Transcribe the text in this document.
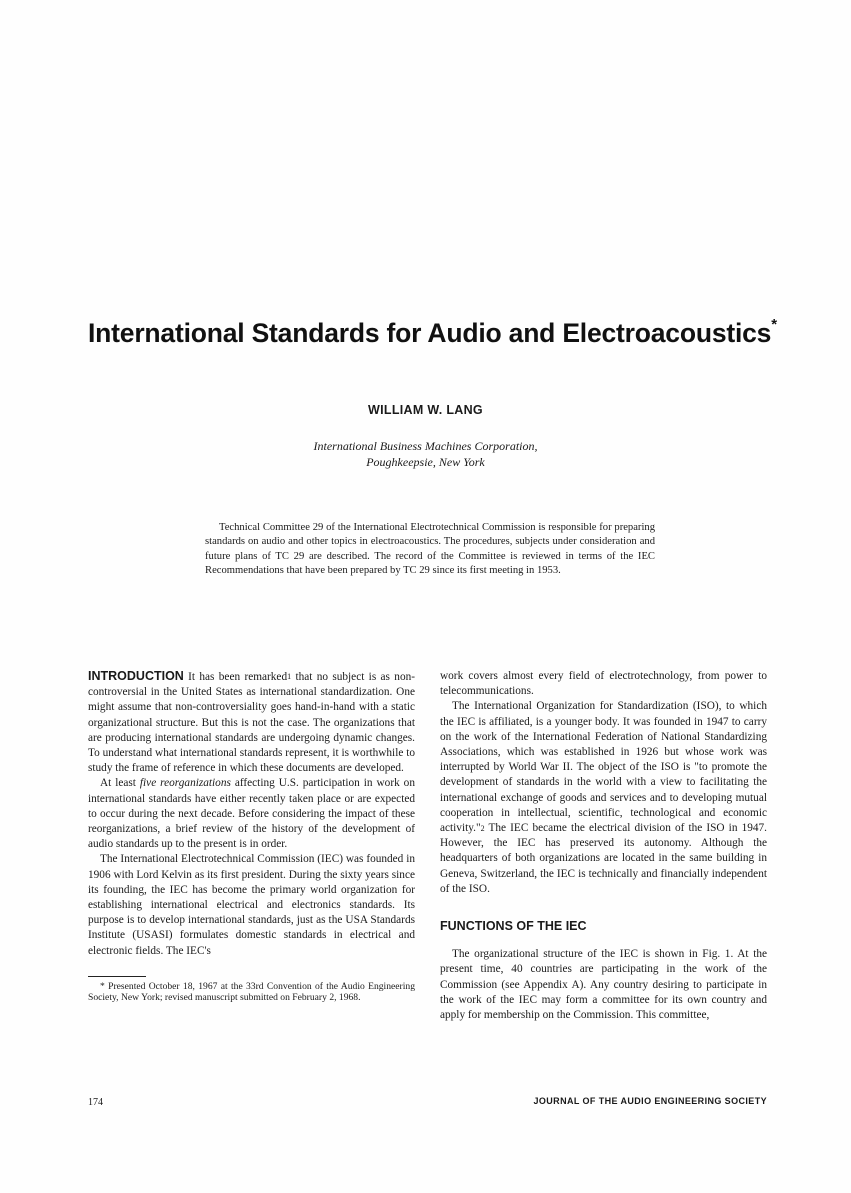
International Standards for Audio and Electroacoustics*
WILLIAM W. LANG
International Business Machines Corporation,
Poughkeepsie, New York

Technical Committee 29 of the International Electrotechnical Commission is responsible for preparing standards on audio and other topics in electroacoustics. The procedures, subjects under consideration and future plans of TC 29 are described. The record of the Committee is reviewed in terms of the IEC Recommendations that have been prepared by TC 29 since its first meeting in 1953.

INTRODUCTION It has been remarked$^1$ that no subject is as non-controversial in the United States as international standardization. One might assume that non-controversiality goes hand-in-hand with a static organizational structure. But this is not the case. The organizations that are producing international standards are undergoing dynamic changes. To understand what international standards represent, it is worthwhile to study the frame of reference in which these documents are developed.

At least five reorganizations affecting U.S. participation in work on international standards have either recently taken place or are expected to occur during the next decade. Before considering the impact of these reorganizations, a brief review of the history of the development of audio standards up to the present is in order.

The International Electrotechnical Commission (IEC) was founded in 1906 with Lord Kelvin as its first president. During the sixty years since its founding, the IEC has become the primary world organization for establishing international electrical and electronics standards. Its purpose is to develop international standards, just as the USA Standards Institute (USASI) formulates domestic standards in electrical and electronic fields. The IEC's

* Presented October 18, 1967 at the 33rd Convention of the Audio Engineering Society, New York; revised manuscript submitted on February 2, 1968.

work covers almost every field of electrotechnology, from power to telecommunications.

The International Organization for Standardization (ISO), to which the IEC is affiliated, is a younger body. It was founded in 1947 to carry on the work of the International Federation of National Standardizing Associations, which was established in 1926 but whose work was interrupted by World War II. The object of the ISO is "to promote the development of standards in the world with a view to facilitating the international exchange of goods and services and to developing mutual cooperation in intellectual, scientific, technological and economic activity."$^2$ The IEC became the electrical division of the ISO in 1947. However, the IEC has preserved its autonomy. Although the headquarters of both organizations are located in the same building in Geneva, Switzerland, the IEC is technically and financially independent of the ISO.

FUNCTIONS OF THE IEC

The organizational structure of the IEC is shown in Fig. 1. At the present time, 40 countries are participating in the work of the Commission (see Appendix A). Any country desiring to participate in the work of the IEC may form a committee for its own country and apply for membership on the Commission. This committee,

174	JOURNAL OF THE AUDIO ENGINEERING SOCIETY
